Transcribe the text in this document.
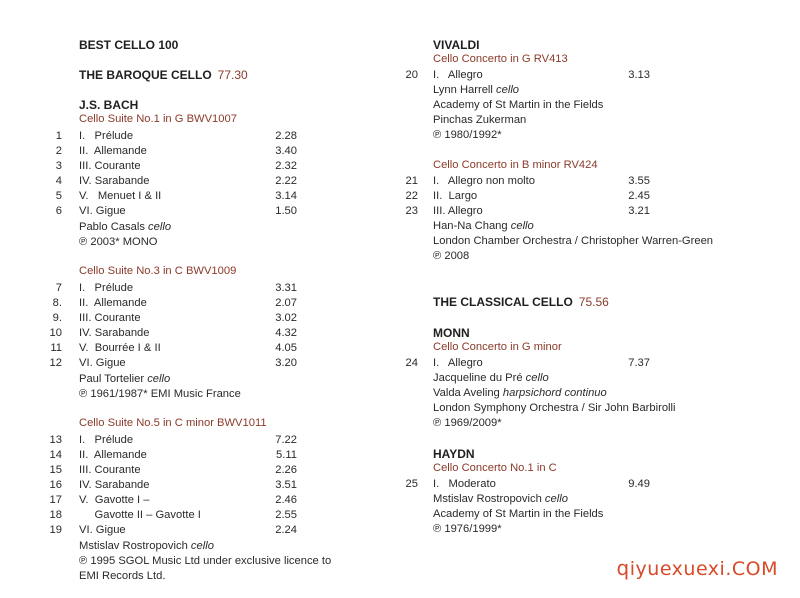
BEST CELLO 100
THE BAROQUE CELLO 77.30
J.S. BACH
Cello Suite No.1 in G BWV1007
1 I.   Prélude	2.28
2 II.  Allemande	3.40
3 III. Courante	2.32
4 IV. Sarabande	2.22
5 V.   Menuet I & II	3.14
6 VI. Gigue	1.50
Pablo Casals cello
℗ 2003* MONO
Cello Suite No.3 in C BWV1009
7 I.   Prélude	3.31
8. II.  Allemande	2.07
9. III. Courante	3.02
10 IV. Sarabande	4.32
11 V.  Bourrée I & II	4.05
12 VI. Gigue	3.20
Paul Tortelier cello
℗ 1961/1987* EMI Music France
Cello Suite No.5 in C minor BWV1011
13 I.   Prélude	7.22
14 II.  Allemande	5.11
15 III. Courante	2.26
16 IV. Sarabande	3.51
17 V.  Gavotte I –	2.46
18 Gavotte II – Gavotte I	2.55
19 VI. Gigue	2.24
Mstislav Rostropovich cello
℗ 1995 SGOL Music Ltd under exclusive licence to
EMI Records Ltd.
VIVALDI
Cello Concerto in G RV413
20 I.   Allegro	3.13
Lynn Harrell cello
Academy of St Martin in the Fields
Pinchas Zukerman
℗ 1980/1992*
Cello Concerto in B minor RV424
21 I.   Allegro non molto	3.55
22 II.  Largo	2.45
23 III. Allegro	3.21
Han-Na Chang cello
London Chamber Orchestra / Christopher Warren-Green
℗ 2008
THE CLASSICAL CELLO 75.56
MONN
Cello Concerto in G minor
24 I.   Allegro	7.37
Jacqueline du Pré cello
Valda Aveling harpsichord continuo
London Symphony Orchestra / Sir John Barbirolli
℗ 1969/2009*
HAYDN
Cello Concerto No.1 in C
25 I.   Moderato	9.49
Mstislav Rostropovich cello
Academy of St Martin in the Fields
℗ 1976/1999*
qiyuexuexi.COM
